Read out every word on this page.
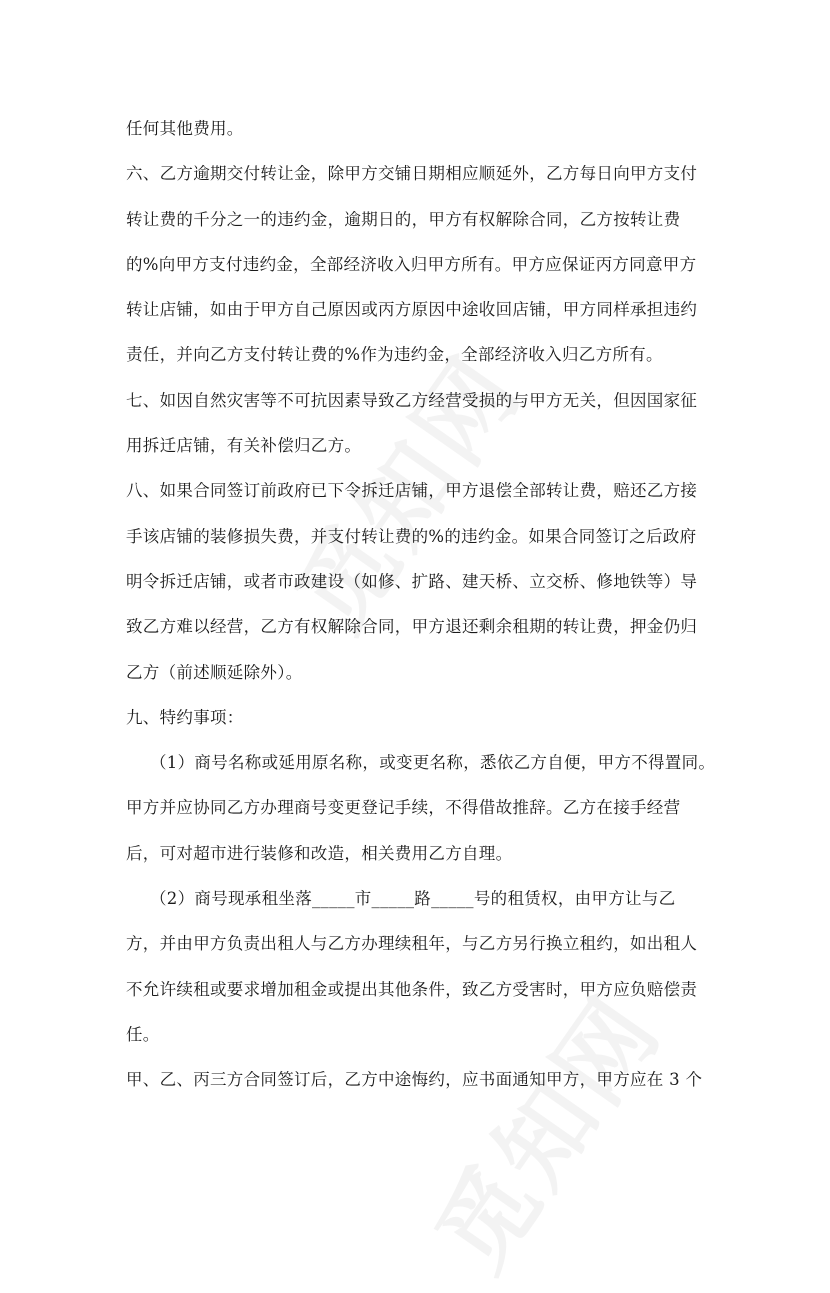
任何其他费用。
六、乙方逾期交付转让金，除甲方交铺日期相应顺延外，乙方每日向甲方支付
转让费的千分之一的违约金，逾期日的，甲方有权解除合同，乙方按转让费
的%向甲方支付违约金，全部经济收入归甲方所有。甲方应保证丙方同意甲方
转让店铺，如由于甲方自己原因或丙方原因中途收回店铺，甲方同样承担违约
责任，并向乙方支付转让费的%作为违约金，全部经济收入归乙方所有。
七、如因自然灾害等不可抗因素导致乙方经营受损的与甲方无关，但因国家征
用拆迁店铺，有关补偿归乙方。
八、如果合同签订前政府已下令拆迁店铺，甲方退偿全部转让费，赔还乙方接
手该店铺的装修损失费，并支付转让费的%的违约金。如果合同签订之后政府
明令拆迁店铺，或者市政建设（如修、扩路、建天桥、立交桥、修地铁等）导
致乙方难以经营，乙方有权解除合同，甲方退还剩余租期的转让费，押金仍归
乙方（前述顺延除外）。
九、特约事项：
（1）商号名称或延用原名称，或变更名称，悉依乙方自便，甲方不得置同。
甲方并应协同乙方办理商号变更登记手续，不得借故推辞。乙方在接手经营
后，可对超市进行装修和改造，相关费用乙方自理。
（2）商号现承租坐落_____市_____路_____号的租赁权，由甲方让与乙
方，并由甲方负责出租人与乙方办理续租年，与乙方另行换立租约，如出租人
不允许续租或要求增加租金或提出其他条件，致乙方受害时，甲方应负赔偿责
任。
甲、乙、丙三方合同签订后，乙方中途悔约，应书面通知甲方，甲方应在 3 个
